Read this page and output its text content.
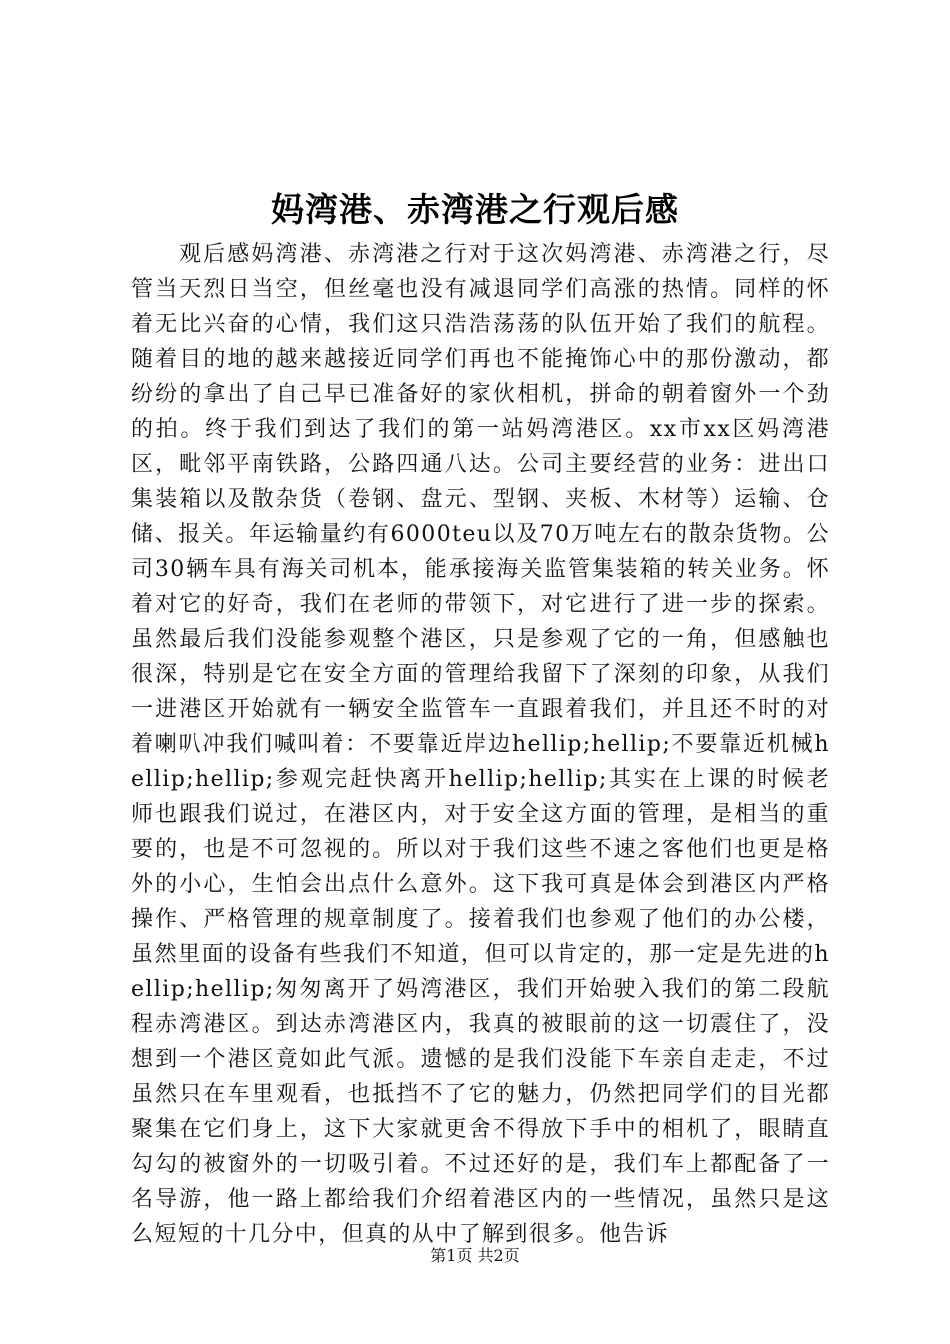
妈湾港、赤湾港之行观后感

观后感妈湾港、赤湾港之行对于这次妈湾港、赤湾港之行，尽管当天烈日当空，但丝毫也没有减退同学们高涨的热情。同样的怀着无比兴奋的心情，我们这只浩浩荡荡的队伍开始了我们的航程。随着目的地的越来越接近同学们再也不能掩饰心中的那份激动，都纷纷的拿出了自己早已准备好的家伙相机，拼命的朝着窗外一个劲的拍。终于我们到达了我们的第一站妈湾港区。xx市xx区妈湾港区，毗邻平南铁路，公路四通八达。公司主要经营的业务：进出口集装箱以及散杂货（卷钢、盘元、型钢、夹板、木材等）运输、仓储、报关。年运输量约有6000teu以及70万吨左右的散杂货物。公司30辆车具有海关司机本，能承接海关监管集装箱的转关业务。怀着对它的好奇，我们在老师的带领下，对它进行了进一步的探索。虽然最后我们没能参观整个港区，只是参观了它的一角，但感触也很深，特别是它在安全方面的管理给我留下了深刻的印象，从我们一进港区开始就有一辆安全监管车一直跟着我们，并且还不时的对着喇叭冲我们喊叫着：不要靠近岸边hellip;hellip;不要靠近机械hellip;hellip;参观完赶快离开hellip;hellip;其实在上课的时候老师也跟我们说过，在港区内，对于安全这方面的管理，是相当的重要的，也是不可忽视的。所以对于我们这些不速之客他们也更是格外的小心，生怕会出点什么意外。这下我可真是体会到港区内严格操作、严格管理的规章制度了。接着我们也参观了他们的办公楼，虽然里面的设备有些我们不知道，但可以肯定的，那一定是先进的hellip;hellip;匆匆离开了妈湾港区，我们开始驶入我们的第二段航程赤湾港区。到达赤湾港区内，我真的被眼前的这一切震住了，没想到一个港区竟如此气派。遗憾的是我们没能下车亲自走走，不过虽然只在车里观看，也抵挡不了它的魅力，仍然把同学们的目光都聚集在它们身上，这下大家就更舍不得放下手中的相机了，眼睛直勾勾的被窗外的一切吸引着。不过还好的是，我们车上都配备了一名导游，他一路上都给我们介绍着港区内的一些情况，虽然只是这么短短的十几分中，但真的从中了解到很多。他告诉

第1页 共2页
